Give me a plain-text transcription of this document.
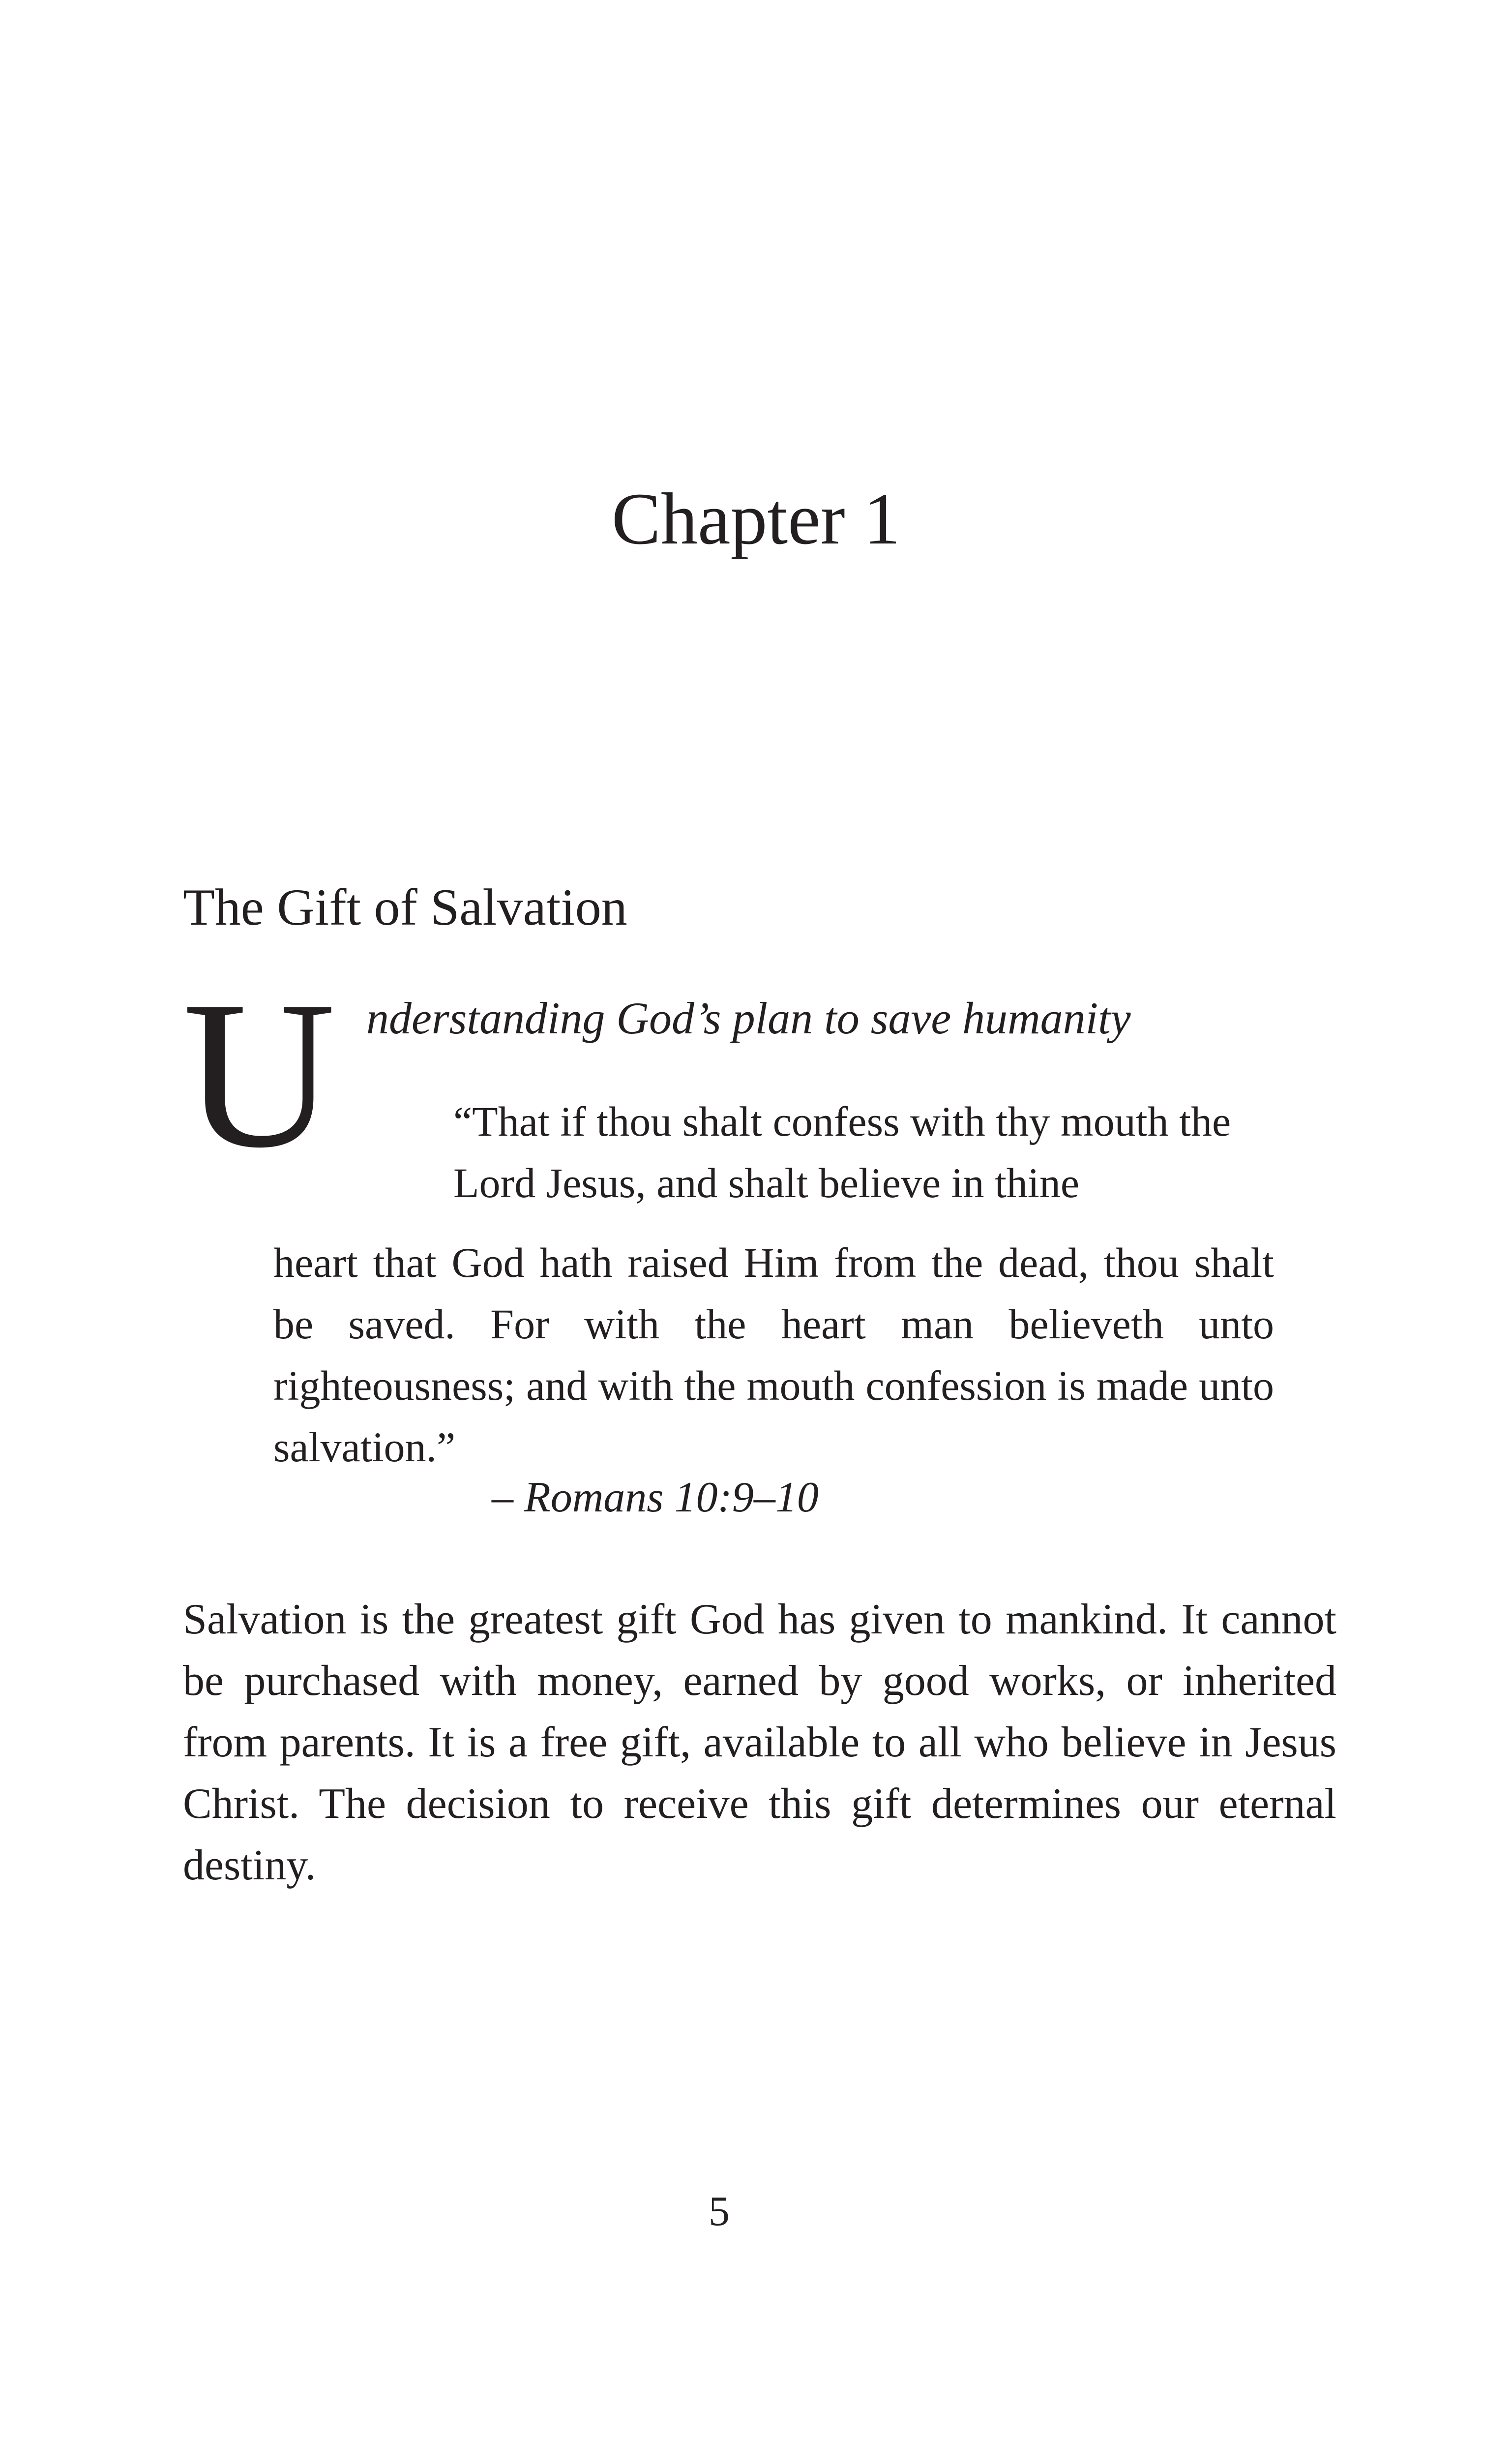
Chapter 1
The Gift of Salvation
U nderstanding God’s plan to save humanity
“That if thou shalt confess with thy mouth the
Lord Jesus, and shalt believe in thine
heart that God hath raised Him from the dead, thou shalt be saved. For with the heart man believeth unto righteousness; and with the mouth confession is made unto salvation.”
– Romans 10:9–10

Salvation is the greatest gift God has given to mankind. It cannot be purchased with money, earned by good works, or inherited from parents. It is a free gift, available to all who believe in Jesus Christ. The decision to receive this gift determines our eternal destiny.

5
